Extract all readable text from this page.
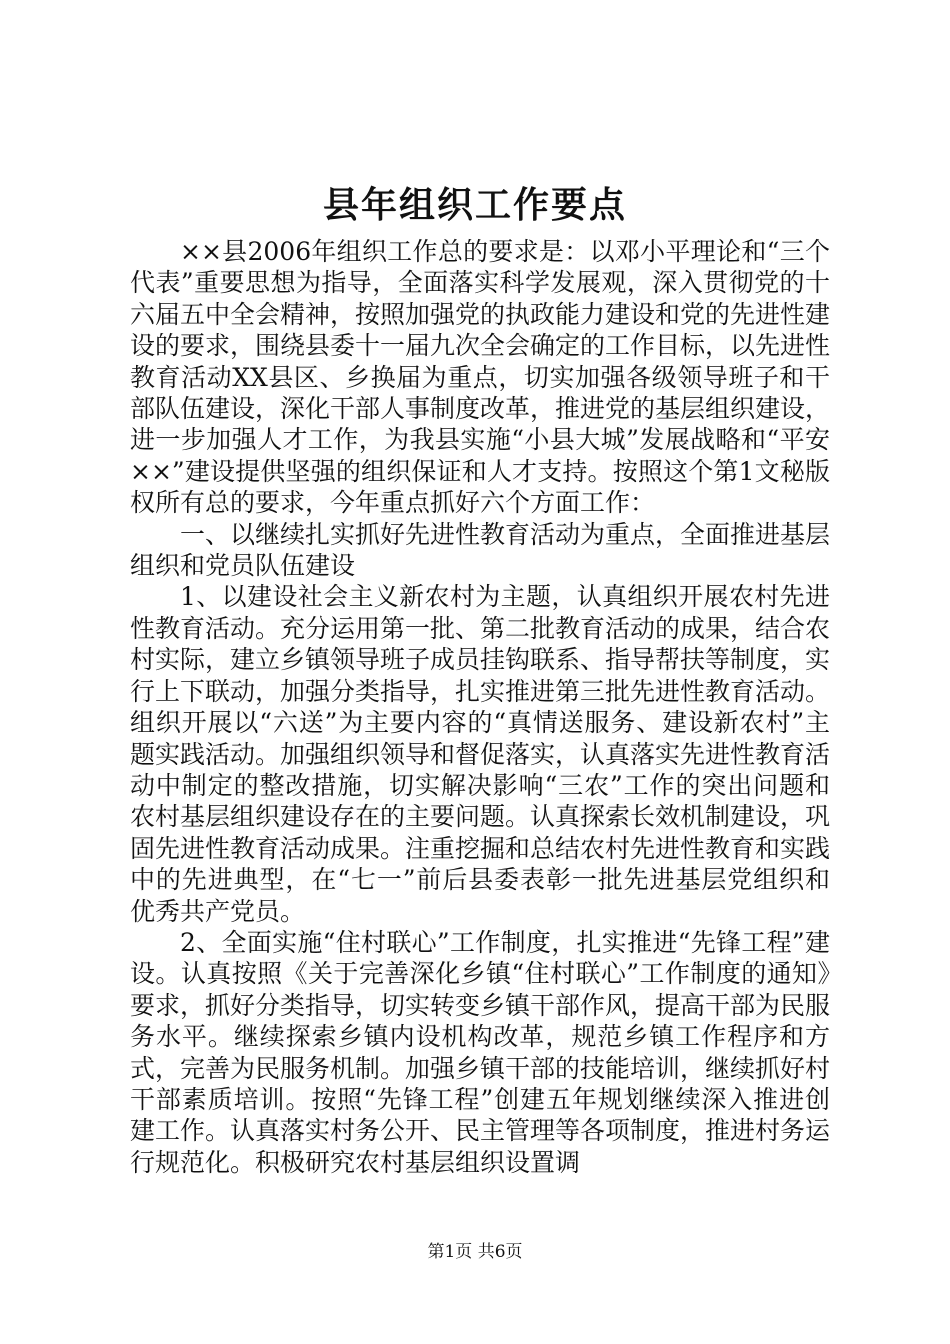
县年组织工作要点

××县2006年组织工作总的要求是：以邓小平理论和“三个代表”重要思想为指导，全面落实科学发展观，深入贯彻党的十六届五中全会精神，按照加强党的执政能力建设和党的先进性建设的要求，围绕县委十一届九次全会确定的工作目标，以先进性教育活动XX县区、乡换届为重点，切实加强各级领导班子和干部队伍建设，深化干部人事制度改革，推进党的基层组织建设，进一步加强人才工作，为我县实施“小县大城”发展战略和“平安××”建设提供坚强的组织保证和人才支持。按照这个第1文秘版权所有总的要求，今年重点抓好六个方面工作：

一、以继续扎实抓好先进性教育活动为重点，全面推进基层组织和党员队伍建设

1、以建设社会主义新农村为主题，认真组织开展农村先进性教育活动。充分运用第一批、第二批教育活动的成果，结合农村实际，建立乡镇领导班子成员挂钩联系、指导帮扶等制度，实行上下联动，加强分类指导，扎实推进第三批先进性教育活动。组织开展以“六送”为主要内容的“真情送服务、建设新农村”主题实践活动。加强组织领导和督促落实，认真落实先进性教育活动中制定的整改措施，切实解决影响“三农”工作的突出问题和农村基层组织建设存在的主要问题。认真探索长效机制建设，巩固先进性教育活动成果。注重挖掘和总结农村先进性教育和实践中的先进典型，在“七一”前后县委表彰一批先进基层党组织和优秀共产党员。

2、全面实施“住村联心”工作制度，扎实推进“先锋工程”建设。认真按照《关于完善深化乡镇“住村联心”工作制度的通知》要求，抓好分类指导，切实转变乡镇干部作风，提高干部为民服务水平。继续探索乡镇内设机构改革，规范乡镇工作程序和方式，完善为民服务机制。加强乡镇干部的技能培训，继续抓好村干部素质培训。按照“先锋工程”创建五年规划继续深入推进创建工作。认真落实村务公开、民主管理等各项制度，推进村务运行规范化。积极研究农村基层组织设置调

第1页 共6页
